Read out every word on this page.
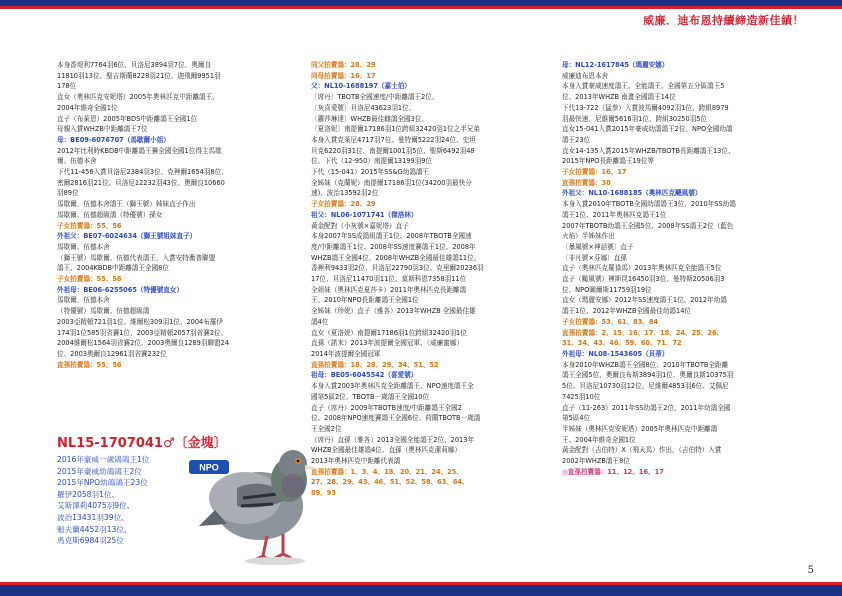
威廉．迪布恩持續締造新佳績！
本身香堤利7764羽6位、貝洛尼3894羽7位、奧爾良
11810羽13位、聖吉斯蘭8228羽21位、迦飛爾9951羽
178位
直女（奧林匹克安妮塔）2005年奧林匹克中距離鴿王、
2004年維奇全國1位
直子（布萊恩）2005年BDS中距離鴿王全國1位
母親入賞WHZB中距離鴿王7位
母：BE09-6076707（馬歇爾小姐）
2012年比利時KBDB中距離鴿王賽全國全國1位得主馬歇
爾、伍德本舍
下代11-456入賞貝洛尼2384羽3位、克裡爾1654羽8位、
密爾2816羽21位、貝洛尼12232羽43位、奧爾良10660
羽89位
馬歇爾、伍德本舍鴿王（獅王號）姊妹直子作出
馬歇爾、伍德超級鴿（特優號）孫女
子女拍賣鴿：55、56
外祖父：BE07-6024634（獅王號姐妹直子）
馬歇爾、伍德本舍
（獅王號）馬歇爾、伍德代表鴿王，入賞安特衛普聯盟
鴿王、2004KBDB中距離鴿王全國8位
子女拍賣鴿：55、56
外祖母：BE06-6255065（特優號直女）
馬歇爾、伍德本舍
（特優號）馬歇爾、伍德超級鴿
2003亞精頓721羽1位、維爾松309羽1位、2004布羅伊
174羽1位585羽省賽1位、2003亞精頓2057羽省賽2位、
2004維爾松1564羽省賽2位、2003奧爾良1289羽聯盟24
位、2003奧爾良12961羽省賽232位
直孫拍賣鴿：55、56
同父拍賣鴿：28、29
同母拍賣鴿：16、17
父：NL10-1688197（嘉士伯）
〔席丹〕TBOTB全國速度/中距離鴿王2位、
〔灰喜愛號〕貝洛尼43623羽1位、
〔蘿莎琳達〕WHZB最佳雌鴿全國3位、
〔夏洛妮〕南提爾17186羽1位跨組32420羽1位之半兄弟
本身入賞克萊尼4717羽7位、曼特爾5222羽24位、史坦
貝克6220羽31位、南提爾1001羽5位、聖斯6492羽48
位、下代（12-950）南提爾13199羽9位
下代（15-041）2015年SS&G幼鴿鴿王
全姊妹（克蘭妮）南提爾17186羽1位(34200羽最快分
速)、波治13592羽2位
子女拍賣鴿：28、29
祖父：NL06-1071741（傑洛林）
黃金配對（小灰號×嘉妮塔）直子
本身2007年SS成鴿組鴿王1位、2008年TBOTB全國速
度/中距離鴿王1位、2008年SS速度賽鴿王1位、2008年
WHZB鴿王全國4位、2008年WHZB全國最佳雄鴿11位、
香裡利9433羽2位、貝洛尼22790羽3位、克里爾20236羽
17位、貝洛尼11470羽11位、莫斯科恩7358羽11位
全姐妹（奧林匹克夏莎卡）2011年奧林匹克長距離鴿
王、2010年NPO長距離鴿王全國1位
全姊妹（珍妮）直子（雅各）2013年WHZB 全國最佳雄
鴿4位
直女（夏洛妮）南提爾17186羽1位跨組32420羽1位
直孫（諾米）2013年波提爾全國冠軍、（威廉蜜娜）
2014年波提爾全國冠軍
直孫拍賣鴿：18、28、29、34、51、52
祖母：BE05-6045542（喜愛號）
本身入賞2003年奧林匹克全距離鴿王、NPO速度鴿王全
國第5區2位、TBOTB一歲鴿王全國10位
直子（席丹）2009年TBOTB速度/中距離鴿王全國2
位、2008年NPO速度賽鴿王全國6位、荷蘭TBOTB一歲鴿
王全國2位
（席丹）直孫（雅各）2013全國全能鴿王2位、2013年
WHZB全國最佳雄鴿4位、直孫（奧林匹克潔莉娜）
2013年奧林匹克中距離代表鴿
直孫拍賣鴿：1、3、4、18、20、21、24、25、
27、28、29、43、46、51、52、58、63、64、
89、93
母：NL12-1617845（瑪麗安娜）
威廉迪布恩本舍
本身入賞豪威速度鴿王、全能鴿王、全國第五分區鴿王5
位、2013年WHZB 南畫全國鴿王14位
下代13-722（猛拳）入賞波馬爾4092羽1位、跨組8979
羽最快速、尼維爾5616羽1位、跨組30250羽5位
直女15-041入賞2015年豪威幼鴿鴿王2位、NPO全國幼鴿
鴿王23位
直女14-135入賞2015年WHZB/TBOTB長距離鴿王13位、
2015年NPO長距離鴿王19位等
子女拍賣鴿：16、17
直孫拍賣鴿：30
外祖父：NL10-1688185（奧林匹克颶風號）
本身入賞2010年TBOTB全國幼鴿鴿王3位、2010年SS幼鴿
鴿王1位、2011年奧林匹克鴿王1位
2007年TBOTB幼鴿王全國5位、2008年SS鴿王2位（藍色
火焰）半姊妹作出
〔暴風號×神話號〕直子
〔非凡號×芬娜〕直孫
直子（奧林匹克羅祿馬）2013年奧林匹克全能鴿王5位
直子（颱風號）裡斯昆16450羽3位、曼特斯20506羽3
位、NPO圖爾斯11759羽19位
直女（瑪麗安娜）2012年SS速度鴿王1位、2012年幼鴿
鴿王1位、2012年WHZB全國最佳幼鴿14位
子女拍賣鴿：53、61、83、84
直孫拍賣鴿：2、15、16、17、18、24、25、26、
31、34、43、46、59、60、71、72
外祖母：NL08-1543605（貝蒂）
本身2010年WHZB鴿王全國8位、2010年TBOTB全距離
鴿王全國5位、奧爾良布斯3894羽1位、奧爾良斯10375羽
5位、貝洛尼10730羽12位、尼維爾4853羽6位、艾佩尼
7425羽10位
直子（11-263）2011年SS幼鴿王2位、2011年幼鴿全國
第5區4位
半姊妹（奧林匹克安妮塔）2005年奧林匹克中距離鴿
王、2004年維奇全國1位
黃金配對（吉伯特）X（飛天馬）作出，（吉伯特）入賞
2002年WHZB鴿王8位
◎直孫拍賣鴿：11、12、16、17
NPO
NL15-1707041♂〔金塊〕
2016年豪威一歲鴿鴿王1位
2015年豪威幼鴿鴿王2位
2015年NPO幼鴿鴿王23位
羅伊2058羽1位、
艾斯澤莉4075羽9位、
波治13431羽39位、
魁夫蘭4452羽13位、
馬克斯6984羽25位
5
